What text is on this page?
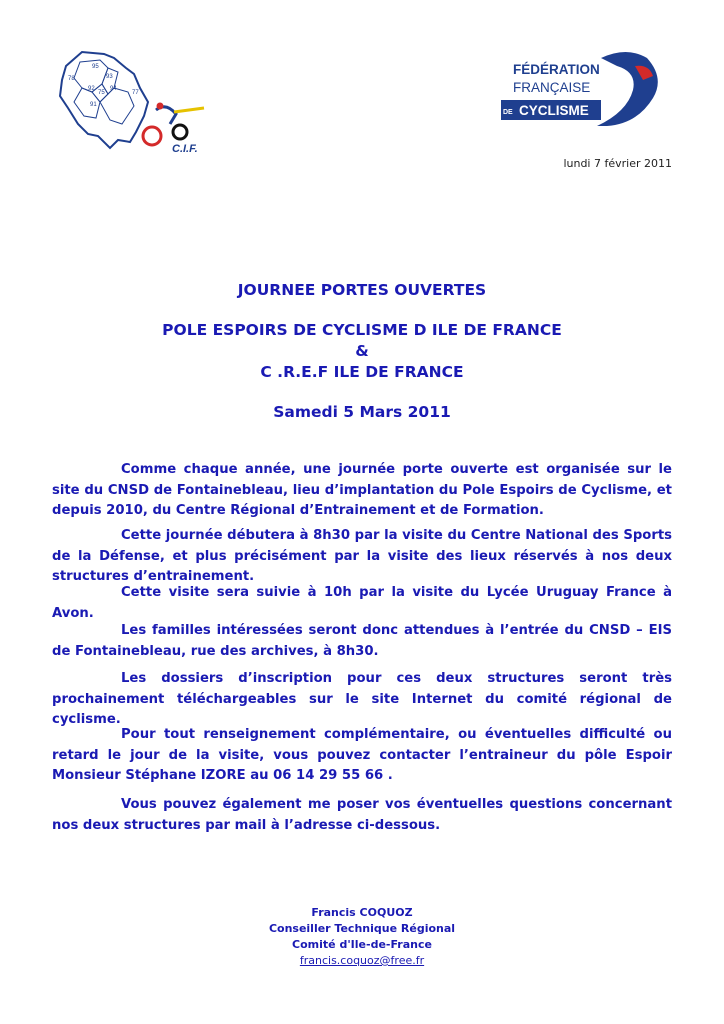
95
93
78
92	94
75
91
77
C.I.F.
FÉDÉRATION
FRANÇAISE
DE CYCLISME
lundi 7 février 2011
JOURNEE PORTES OUVERTES
POLE ESPOIRS DE CYCLISME D ILE DE FRANCE
&
C .R.E.F ILE DE FRANCE
Samedi 5 Mars 2011

Comme chaque année, une journée porte ouverte est organisée sur le site du CNSD de Fontainebleau, lieu d’implantation du Pole Espoirs de Cyclisme, et depuis 2010, du Centre Régional d’Entrainement et de Formation.

Cette journée débutera à 8h30 par la visite du Centre National des Sports de la Défense, et plus précisément par la visite des lieux réservés à nos deux structures d’entrainement.

Cette visite sera suivie à 10h par la visite du Lycée Uruguay France à Avon.

Les familles intéressées seront donc attendues à l’entrée du CNSD – EIS de Fontainebleau, rue des archives, à 8h30.

Les dossiers d’inscription pour ces deux structures seront très prochainement téléchargeables sur le site Internet du comité régional de cyclisme.

Pour tout renseignement complémentaire, ou éventuelles difficulté ou retard le jour de la visite, vous pouvez contacter l’entraineur du pôle Espoir Monsieur Stéphane IZORE au 06 14 29 55 66 .

Vous pouvez également me poser vos éventuelles questions concernant nos deux structures par mail à l’adresse ci-dessous.

Francis COQUOZ
Conseiller Technique Régional
Comité d'Ile-de-France
francis.coquoz@free.fr
